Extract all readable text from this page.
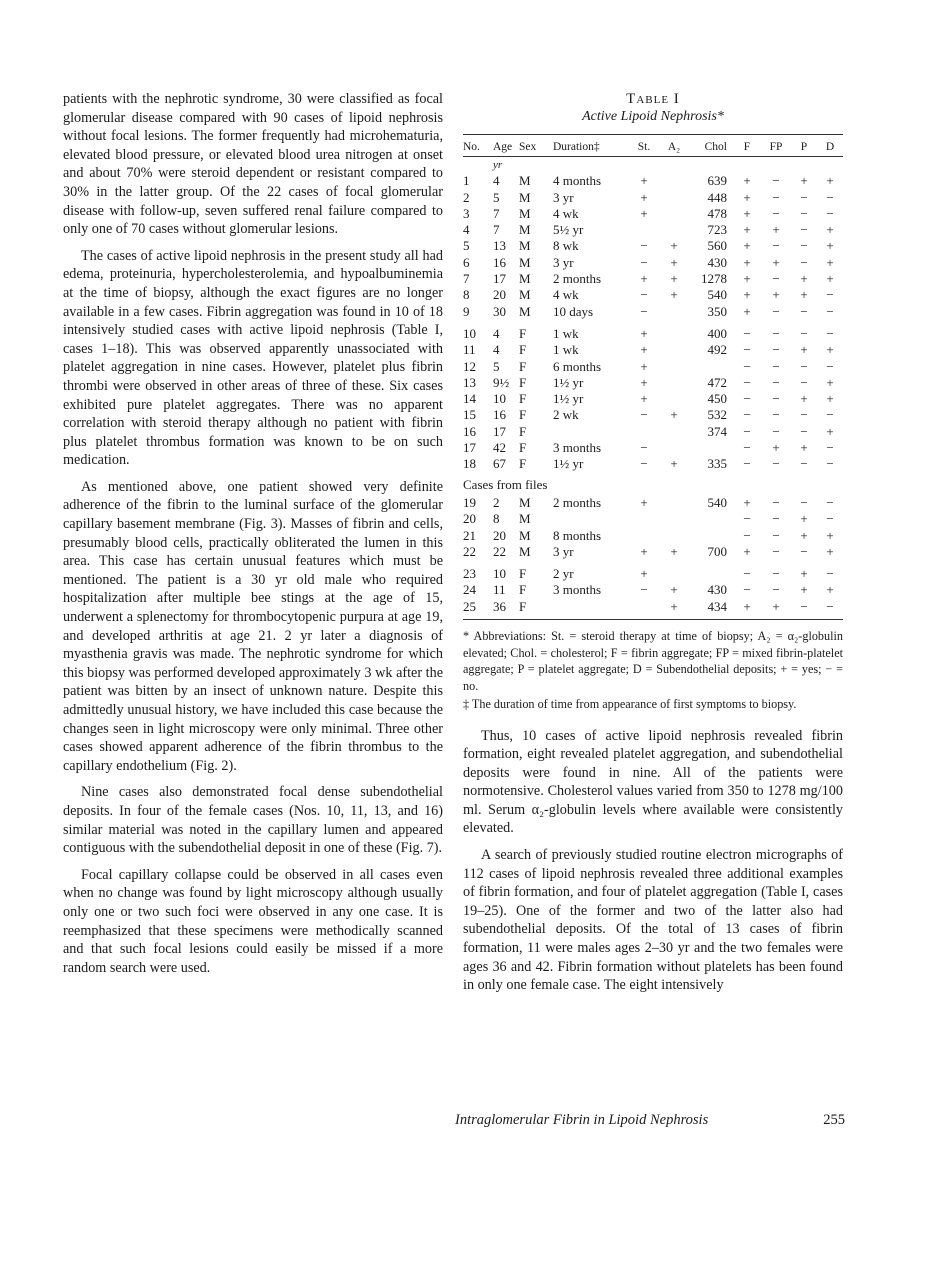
patients with the nephrotic syndrome, 30 were classified as focal glomerular disease compared with 90 cases of lipoid nephrosis without focal lesions. The former frequently had microhematuria, elevated blood pressure, or elevated blood urea nitrogen at onset and about 70% were steroid dependent or resistant compared to 30% in the latter group. Of the 22 cases of focal glomerular disease with follow-up, seven suffered renal failure compared to only one of 70 cases without glomerular lesions.

The cases of active lipoid nephrosis in the present study all had edema, proteinuria, hypercholesterolemia, and hypoalbuminemia at the time of biopsy, although the exact figures are no longer available in a few cases. Fibrin aggregation was found in 10 of 18 intensively studied cases with active lipoid nephrosis (Table I, cases 1–18). This was observed apparently unassociated with platelet aggregation in nine cases. However, platelet plus fibrin thrombi were observed in other areas of three of these. Six cases exhibited pure platelet aggregates. There was no apparent correlation with steroid therapy although no patient with fibrin plus platelet thrombus formation was known to be on such medication.

As mentioned above, one patient showed very definite adherence of the fibrin to the luminal surface of the glomerular capillary basement membrane (Fig. 3). Masses of fibrin and cells, presumably blood cells, practically obliterated the lumen in this area. This case has certain unusual features which must be mentioned. The patient is a 30 yr old male who required hospitalization after multiple bee stings at the age of 15, underwent a splenectomy for thrombocytopenic purpura at age 19, and developed arthritis at age 21. 2 yr later a diagnosis of myasthenia gravis was made. The nephrotic syndrome for which this biopsy was performed developed approximately 3 wk after the patient was bitten by an insect of unknown nature. Despite this admittedly unusual history, we have included this case because the changes seen in light microscopy were only minimal. Three other cases showed apparent adherence of the fibrin thrombus to the capillary endothelium (Fig. 2).

Nine cases also demonstrated focal dense subendothelial deposits. In four of the female cases (Nos. 10, 11, 13, and 16) similar material was noted in the capillary lumen and appeared contiguous with the subendothelial deposit in one of these (Fig. 7).

Focal capillary collapse could be observed in all cases even when no change was found by light microscopy although usually only one or two such foci were observed in any one case. It is reemphasized that these specimens were methodically scanned and that such focal lesions could easily be missed if a more random search were used.

Table I
Active Lipoid Nephrosis*
No.	Age	Sex	Duration‡	St.	A₂	Chol	F	FP	P	D
	yr									
1	4	M	4 months	+		639	+	−	+	+
2	5	M	3 yr	+		448	+	−	−	−
3	7	M	4 wk	+		478	+	−	−	−
4	7	M	5½ yr			723	+	+	−	+
5	13	M	8 wk	−	+	560	+	−	−	+
6	16	M	3 yr	−	+	430	+	+	−	+
7	17	M	2 months	+	+	1278	+	−	+	+
8	20	M	4 wk	−	+	540	+	+	+	−
9	30	M	10 days	−		350	+	−	−	−

10	4	F	1 wk	+		400	−	−	−	−
11	4	F	1 wk	+		492	−	−	+	+
12	5	F	6 months	+			−	−	−	−
13	9½	F	1½ yr	+		472	−	−	−	+
14	10	F	1½ yr	+		450	−	−	+	+
15	16	F	2 wk	−	+	532	−	−	−	−
16	17	F				374	−	−	−	+
17	42	F	3 months	−			−	+	+	−
18	67	F	1½ yr	−	+	335	−	−	−	−
Cases from files										
19	2	M	2 months	+		540	+	−	−	−
20	8	M					−	−	+	−
21	20	M	8 months				−	−	+	+
22	22	M	3 yr	+	+	700	+	−	−	+

23	10	F	2 yr	+			−	−	+	−
24	11	F	3 months	−	+	430	−	−	+	+
25	36	F			+	434	+	+	−	−

* Abbreviations: St. = steroid therapy at time of biopsy; A₂ = α₂-globulin elevated; Chol. = cholesterol; F = fibrin aggregate; FP = mixed fibrin-platelet aggregate; P = platelet aggregate; D = Subendothelial deposits; + = yes; − = no.

‡ The duration of time from appearance of first symptoms to biopsy.

Thus, 10 cases of active lipoid nephrosis revealed fibrin formation, eight revealed platelet aggregation, and subendothelial deposits were found in nine. All of the patients were normotensive. Cholesterol values varied from 350 to 1278 mg/100 ml. Serum α₂-globulin levels where available were consistently elevated.

A search of previously studied routine electron micrographs of 112 cases of lipoid nephrosis revealed three additional examples of fibrin formation, and four of platelet aggregation (Table I, cases 19–25). One of the former and two of the latter also had subendothelial deposits. Of the total of 13 cases of fibrin formation, 11 were males ages 2–30 yr and the two females were ages 36 and 42. Fibrin formation without platelets has been found in only one female case. The eight intensively

Intraglomerular Fibrin in Lipoid Nephrosis	255
